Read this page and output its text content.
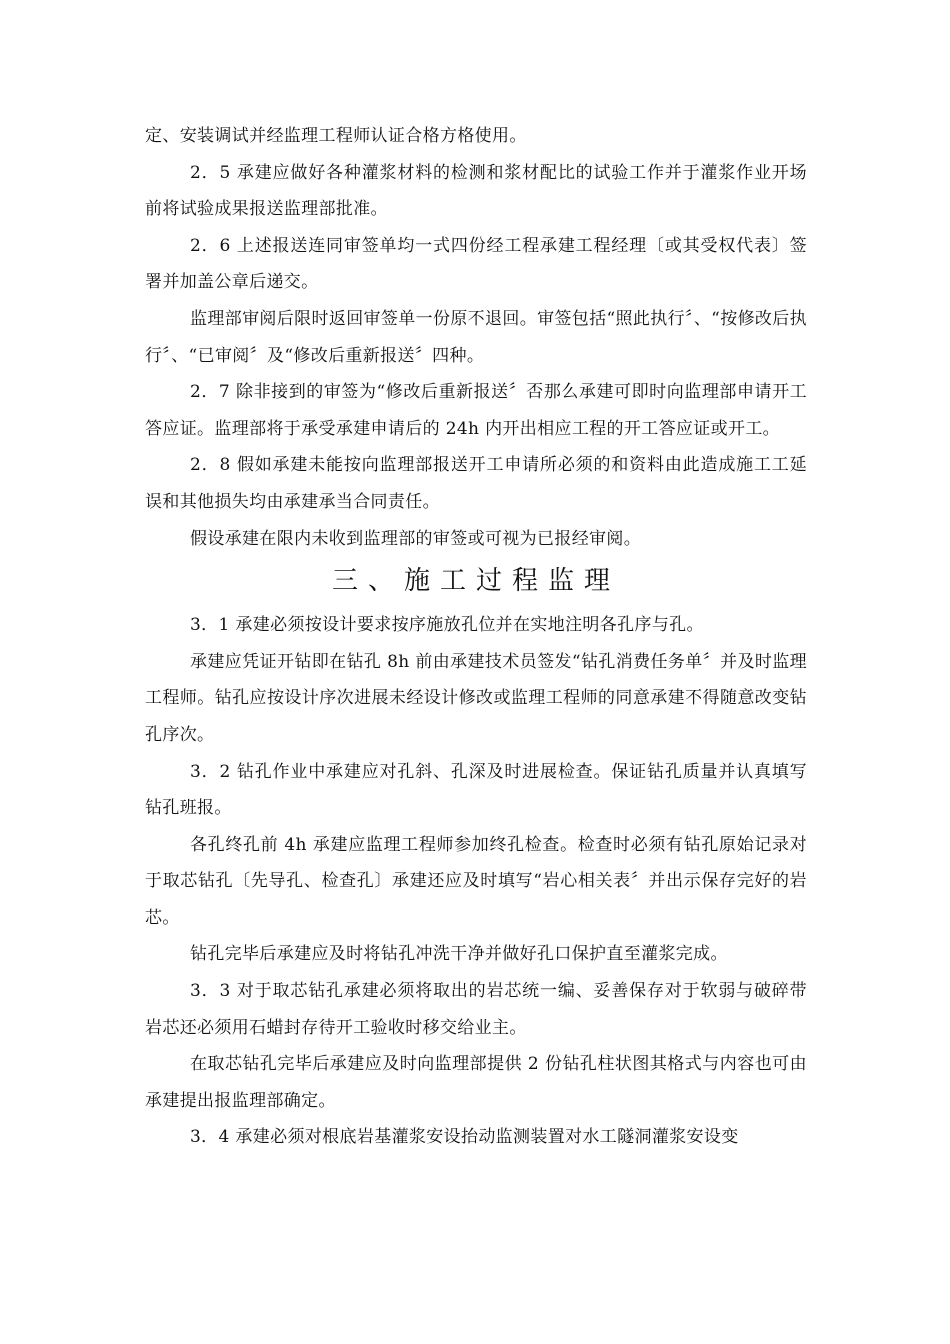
定、安装调试并经监理工程师认证合格方格使用。

2．5 承建应做好各种灌浆材料的检测和浆材配比的试验工作并于灌浆作业开场前将试验成果报送监理部批准。

2．6 上述报送连同审签单均一式四份经工程承建工程经理〔或其受权代表〕签署并加盖公章后递交。

监理部审阅后限时返回审签单一份原不退回。审签包括“照此执行〞、“按修改后执行〞、“已审阅〞及“修改后重新报送〞四种。

2．7 除非接到的审签为“修改后重新报送〞否那么承建可即时向监理部申请开工答应证。监理部将于承受承建申请后的 24h 内开出相应工程的开工答应证或开工。

2．8 假如承建未能按向监理部报送开工申请所必须的和资料由此造成施工工延误和其他损失均由承建承当合同责任。

假设承建在限内未收到监理部的审签或可视为已报经审阅。

三、施工过程监理

3．1 承建必须按设计要求按序施放孔位并在实地注明各孔序与孔。

承建应凭证开钻即在钻孔 8h 前由承建技术员签发“钻孔消费任务单〞并及时监理工程师。钻孔应按设计序次进展未经设计修改或监理工程师的同意承建不得随意改变钻孔序次。

3．2 钻孔作业中承建应对孔斜、孔深及时进展检查。保证钻孔质量并认真填写钻孔班报。

各孔终孔前 4h 承建应监理工程师参加终孔检查。检查时必须有钻孔原始记录对于取芯钻孔〔先导孔、检查孔〕承建还应及时填写“岩心相关表〞并出示保存完好的岩芯。

钻孔完毕后承建应及时将钻孔冲洗干净并做好孔口保护直至灌浆完成。

3．3 对于取芯钻孔承建必须将取出的岩芯统一编、妥善保存对于软弱与破碎带岩芯还必须用石蜡封存待开工验收时移交给业主。

在取芯钻孔完毕后承建应及时向监理部提供 2 份钻孔柱状图其格式与内容也可由承建提出报监理部确定。

3．4 承建必须对根底岩基灌浆安设抬动监测装置对水工隧洞灌浆安设变
